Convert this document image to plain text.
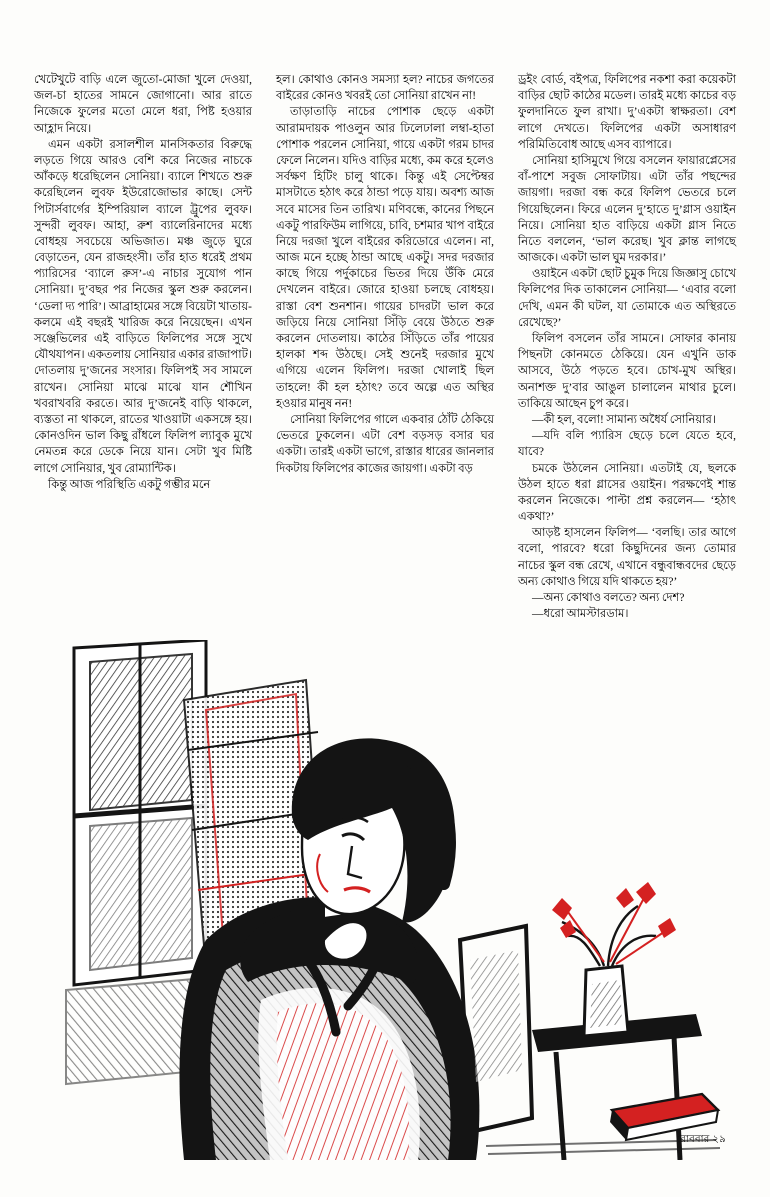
খেটেখুটে বাড়ি এলে জুতো-মোজা খুলে দেওয়া, জল-চা হাতের সামনে জোগানো। আর রাতে নিজেকে ফুলের মতো মেলে ধরা, পিষ্ট হওয়ার আহ্লাদ নিয়ে।

এমন একটা রসালশীল মানসিকতার বিরুদ্ধে লড়তে গিয়ে আরও বেশি করে নিজের নাচকে আঁকড়ে ধরেছিলেন সোনিয়া। ব্যালে শিখতে শুরু করেছিলেন লুবফ ইউরোজোভার কাছে। সেন্ট পিটার্সবার্গের ইম্পিরিয়াল ব্যালে ট্রুপের লুবফ। সুন্দরী লুবফ। আহা, রুশ ব্যালেরিনাদের মধ্যে বোধহয় সবচেয়ে অভিজাত। মঞ্চ জুড়ে ঘুরে বেড়াতেন, যেন রাজহংসী। তাঁর হাত ধরেই প্রথম প্যারিসের ‘ব্যালে রুস’-এ নাচার সুযোগ পান সোনিয়া। দু’বছর পর নিজের স্কুল শুরু করলেন। ‘ডেলা দ্য পারি’। আব্রাহামের সঙ্গে বিয়েটা খাতায়-কলমে এই বছরই খারিজ করে নিয়েছেন। এখন সঞ্জেভিলের এই বাড়িতে ফিলিপের সঙ্গে সুখে যৌথযাপন। একতলায় সোনিয়ার একার রাজাপাট। দোতলায় দু’জনের সংসার। ফিলিপই সব সামলে রাখেন। সোনিয়া মাঝে মাঝে যান শৌখিন খবরাখবরি করতে। আর দু’জনেই বাড়ি থাকলে, ব্যস্ততা না থাকলে, রাতের খাওয়াটা একসঙ্গে হয়। কোনওদিন ভাল কিছু রাঁধলে ফিলিপ ল্যাবুক মুখে নেমতন্ন করে ডেকে নিয়ে যান। সেটা খুব মিষ্টি লাগে সোনিয়ার, খুব রোম্যান্টিক।

কিন্তু আজ পরিস্থিতি একটু গম্ভীর মনে

হল। কোথাও কোনও সমস্যা হল? নাচের জগতের বাইরের কোনও খবরই তো সোনিয়া রাখেন না!

তাড়াতাড়ি নাচের পোশাক ছেড়ে একটা আরামদায়ক পাওলুন আর ঢিলেঢালা লম্বা-হাতা পোশাক পরলেন সোনিয়া, গায়ে একটা গরম চাদর ফেলে নিলেন। যদিও বাড়ির মধ্যে, কম করে হলেও সর্বক্ষণ হিটিং চালু থাকে। কিন্তু এই সেপ্টেম্বর মাসটাতে হঠাৎ করে ঠান্ডা পড়ে যায়। অবশ্য আজ সবে মাসের তিন তারিখ। মণিবন্ধে, কানের পিছনে একটু পারফিউম লাগিয়ে, চাবি, চশমার খাপ বাইরে নিয়ে দরজা খুলে বাইরের করিডোরে এলেন। না, আজ মনে হচ্ছে ঠান্ডা আছে একটু। সদর দরজার কাছে গিয়ে পর্দুকাচের ভিতর দিয়ে উঁকি মেরে দেখলেন বাইরে। জোরে হাওয়া চলছে বোধহয়। রাস্তা বেশ শুনশান। গায়ের চাদরটা ভাল করে জড়িয়ে নিয়ে সোনিয়া সিঁড়ি বেয়ে উঠতে শুরু করলেন দোতলায়। কাঠের সিঁড়িতে তাঁর পায়ের হালকা শব্দ উঠছে। সেই শুনেই দরজার মুখে এগিয়ে এলেন ফিলিপ। দরজা খোলাই ছিল তাহলে! কী হল হঠাৎ? তবে অল্পে এত অস্থির হওয়ার মানুষ নন!

সোনিয়া ফিলিপের গালে একবার ঠোঁট ঠেকিয়ে ভেতরে ঢুকলেন। এটা বেশ বড়সড় বসার ঘর একটা। তারই একটা ভাগে, রাস্তার ধারের জানলার দিকটায় ফিলিপের কাজের জায়গা। একটা বড়

ড্রইং বোর্ড, বইপত্র, ফিলিপের নকশা করা কয়েকটা বাড়ির ছোট কাঠের মডেল। তারই মধ্যে কাচের বড় ফুলদানিতে ফুল রাখা। দু’একটা স্বাক্ষরতা। বেশ লাগে দেখতে। ফিলিপের একটা অসাধারণ পরিমিতিবোধ আছে এসব ব্যাপারে।

সোনিয়া হাসিমুখে গিয়ে বসলেন ফায়ারপ্লেসের বাঁ-পাশে সবুজ সোফাটায়। এটা তাঁর পছন্দের জায়গা। দরজা বন্ধ করে ফিলিপ ভেতরে চলে গিয়েছিলেন। ফিরে এলেন দু’হাতে দু’গ্লাস ওয়াইন নিয়ে। সোনিয়া হাত বাড়িয়ে একটা গ্লাস নিতে নিতে বললেন, ‘ভাল করেছ। খুব ক্লান্ত লাগছে আজকে। একটা ভাল ঘুম দরকার।’

ওয়াইনে একটা ছোট চুমুক দিয়ে জিজ্ঞাসু চোখে ফিলিপের দিক তাকালেন সোনিয়া— ‘এবার বলো দেখি, এমন কী ঘটল, যা তোমাকে এত অস্থিরতে রেখেছে?’

ফিলিপ বসলেন তাঁর সামনে। সোফার কানায় পিছনটা কোনমতে ঠেকিয়ে। যেন এখুনি ডাক আসবে, উঠে পড়তে হবে। চোখ-মুখ অস্থির। অনাশক্ত দু’বার আঙুল চালালেন মাথার চুলে। তাকিয়ে আছেন চুপ করে।

—কী হল, বলো! সামান্য অধৈর্য সোনিয়ার।

—যদি বলি প্যারিস ছেড়ে চলে যেতে হবে, যাবে?

চমকে উঠলেন সোনিয়া। এতটাই যে, ছলকে উঠল হাতে ধরা গ্লাসের ওয়াইন। পরক্ষণেই শান্ত করলেন নিজেকে। পাল্টা প্রশ্ন করলেন— ‘হঠাৎ একথা?’

আড়ষ্ট হাসলেন ফিলিপ— ‘বলছি। তার আগে বলো, পারবে? ধরো কিছুদিনের জন্য তোমার নাচের স্কুল বন্ধ রেখে, এখানে বন্ধুবান্ধবদের ছেড়ে অন্য কোথাও গিয়ে যদি থাকতে হয়?’

—অন্য কোথাও বলতে? অন্য দেশ?

—ধরো আমস্টারডাম।

রোববার ২৯
